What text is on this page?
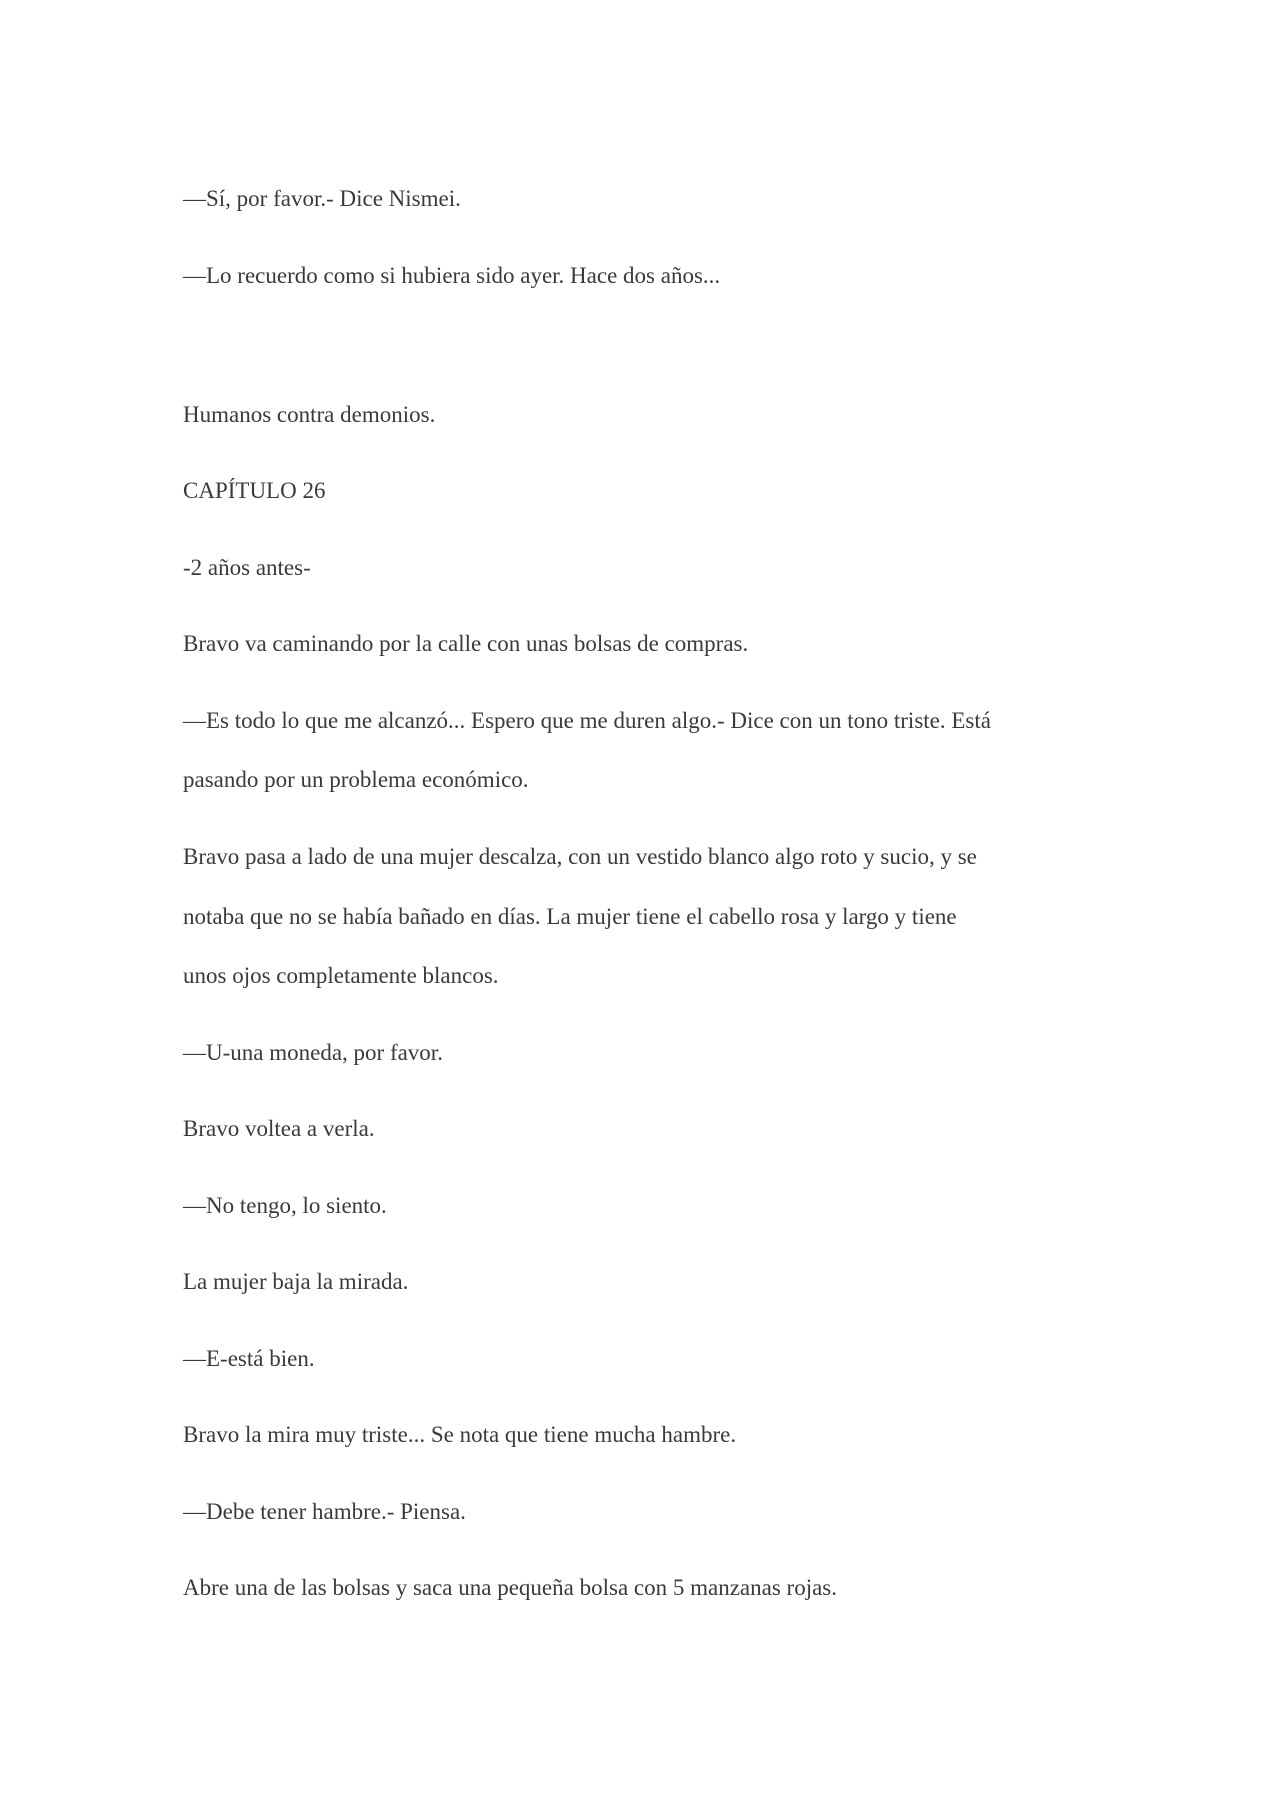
—Sí, por favor.- Dice Nismei.

—Lo recuerdo como si hubiera sido ayer. Hace dos años...

Humanos contra demonios.

CAPÍTULO 26

-2 años antes-

Bravo va caminando por la calle con unas bolsas de compras.

—Es todo lo que me alcanzó... Espero que me duren algo.- Dice con un tono triste. Está

pasando por un problema económico.

Bravo pasa a lado de una mujer descalza, con un vestido blanco algo roto y sucio, y se

notaba que no se había bañado en días. La mujer tiene el cabello rosa y largo y tiene

unos ojos completamente blancos.

—U-una moneda, por favor.

Bravo voltea a verla.

—No tengo, lo siento.

La mujer baja la mirada.

—E-está bien.

Bravo la mira muy triste... Se nota que tiene mucha hambre.

—Debe tener hambre.- Piensa.

Abre una de las bolsas y saca una pequeña bolsa con 5 manzanas rojas.
